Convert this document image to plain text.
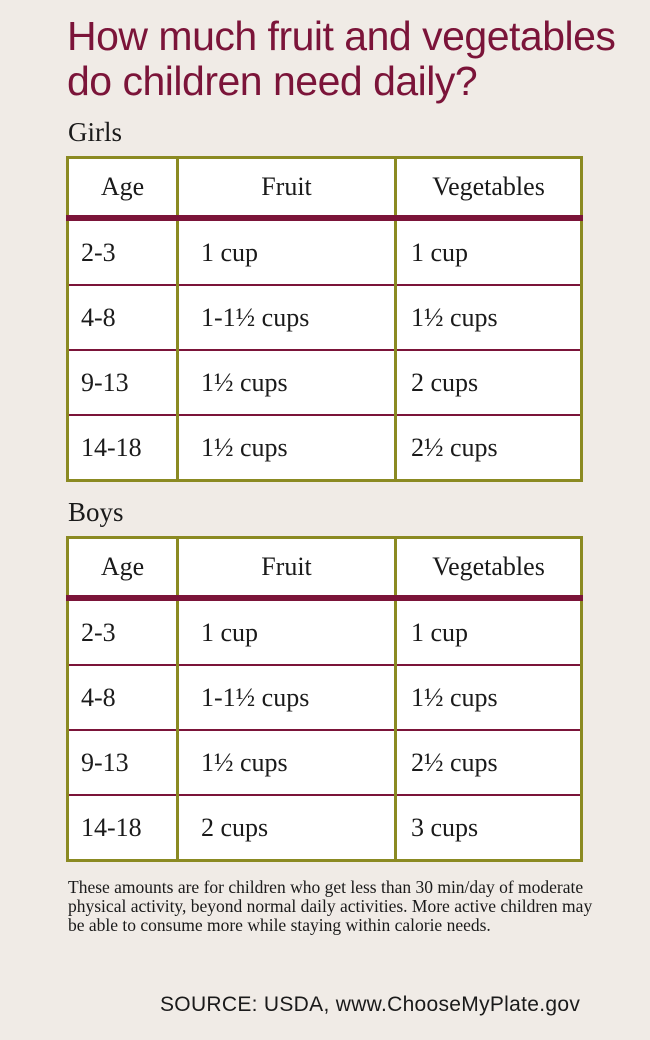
How much fruit and vegetables
do children need daily?
Girls
Age	Fruit	Vegetables
2-3	1 cup	1 cup
4-8	1-1½ cups	1½ cups
9-13	1½ cups	2 cups
14-18	1½ cups	2½ cups
Boys
Age	Fruit	Vegetables
2-3	1 cup	1 cup
4-8	1-1½ cups	1½ cups
9-13	1½ cups	2½ cups
14-18	2 cups	3 cups

These amounts are for children who get less than 30 min/day of moderate physical activity, beyond normal daily activities. More active children may be able to consume more while staying within calorie needs.

SOURCE: USDA, www.ChooseMyPlate.gov
